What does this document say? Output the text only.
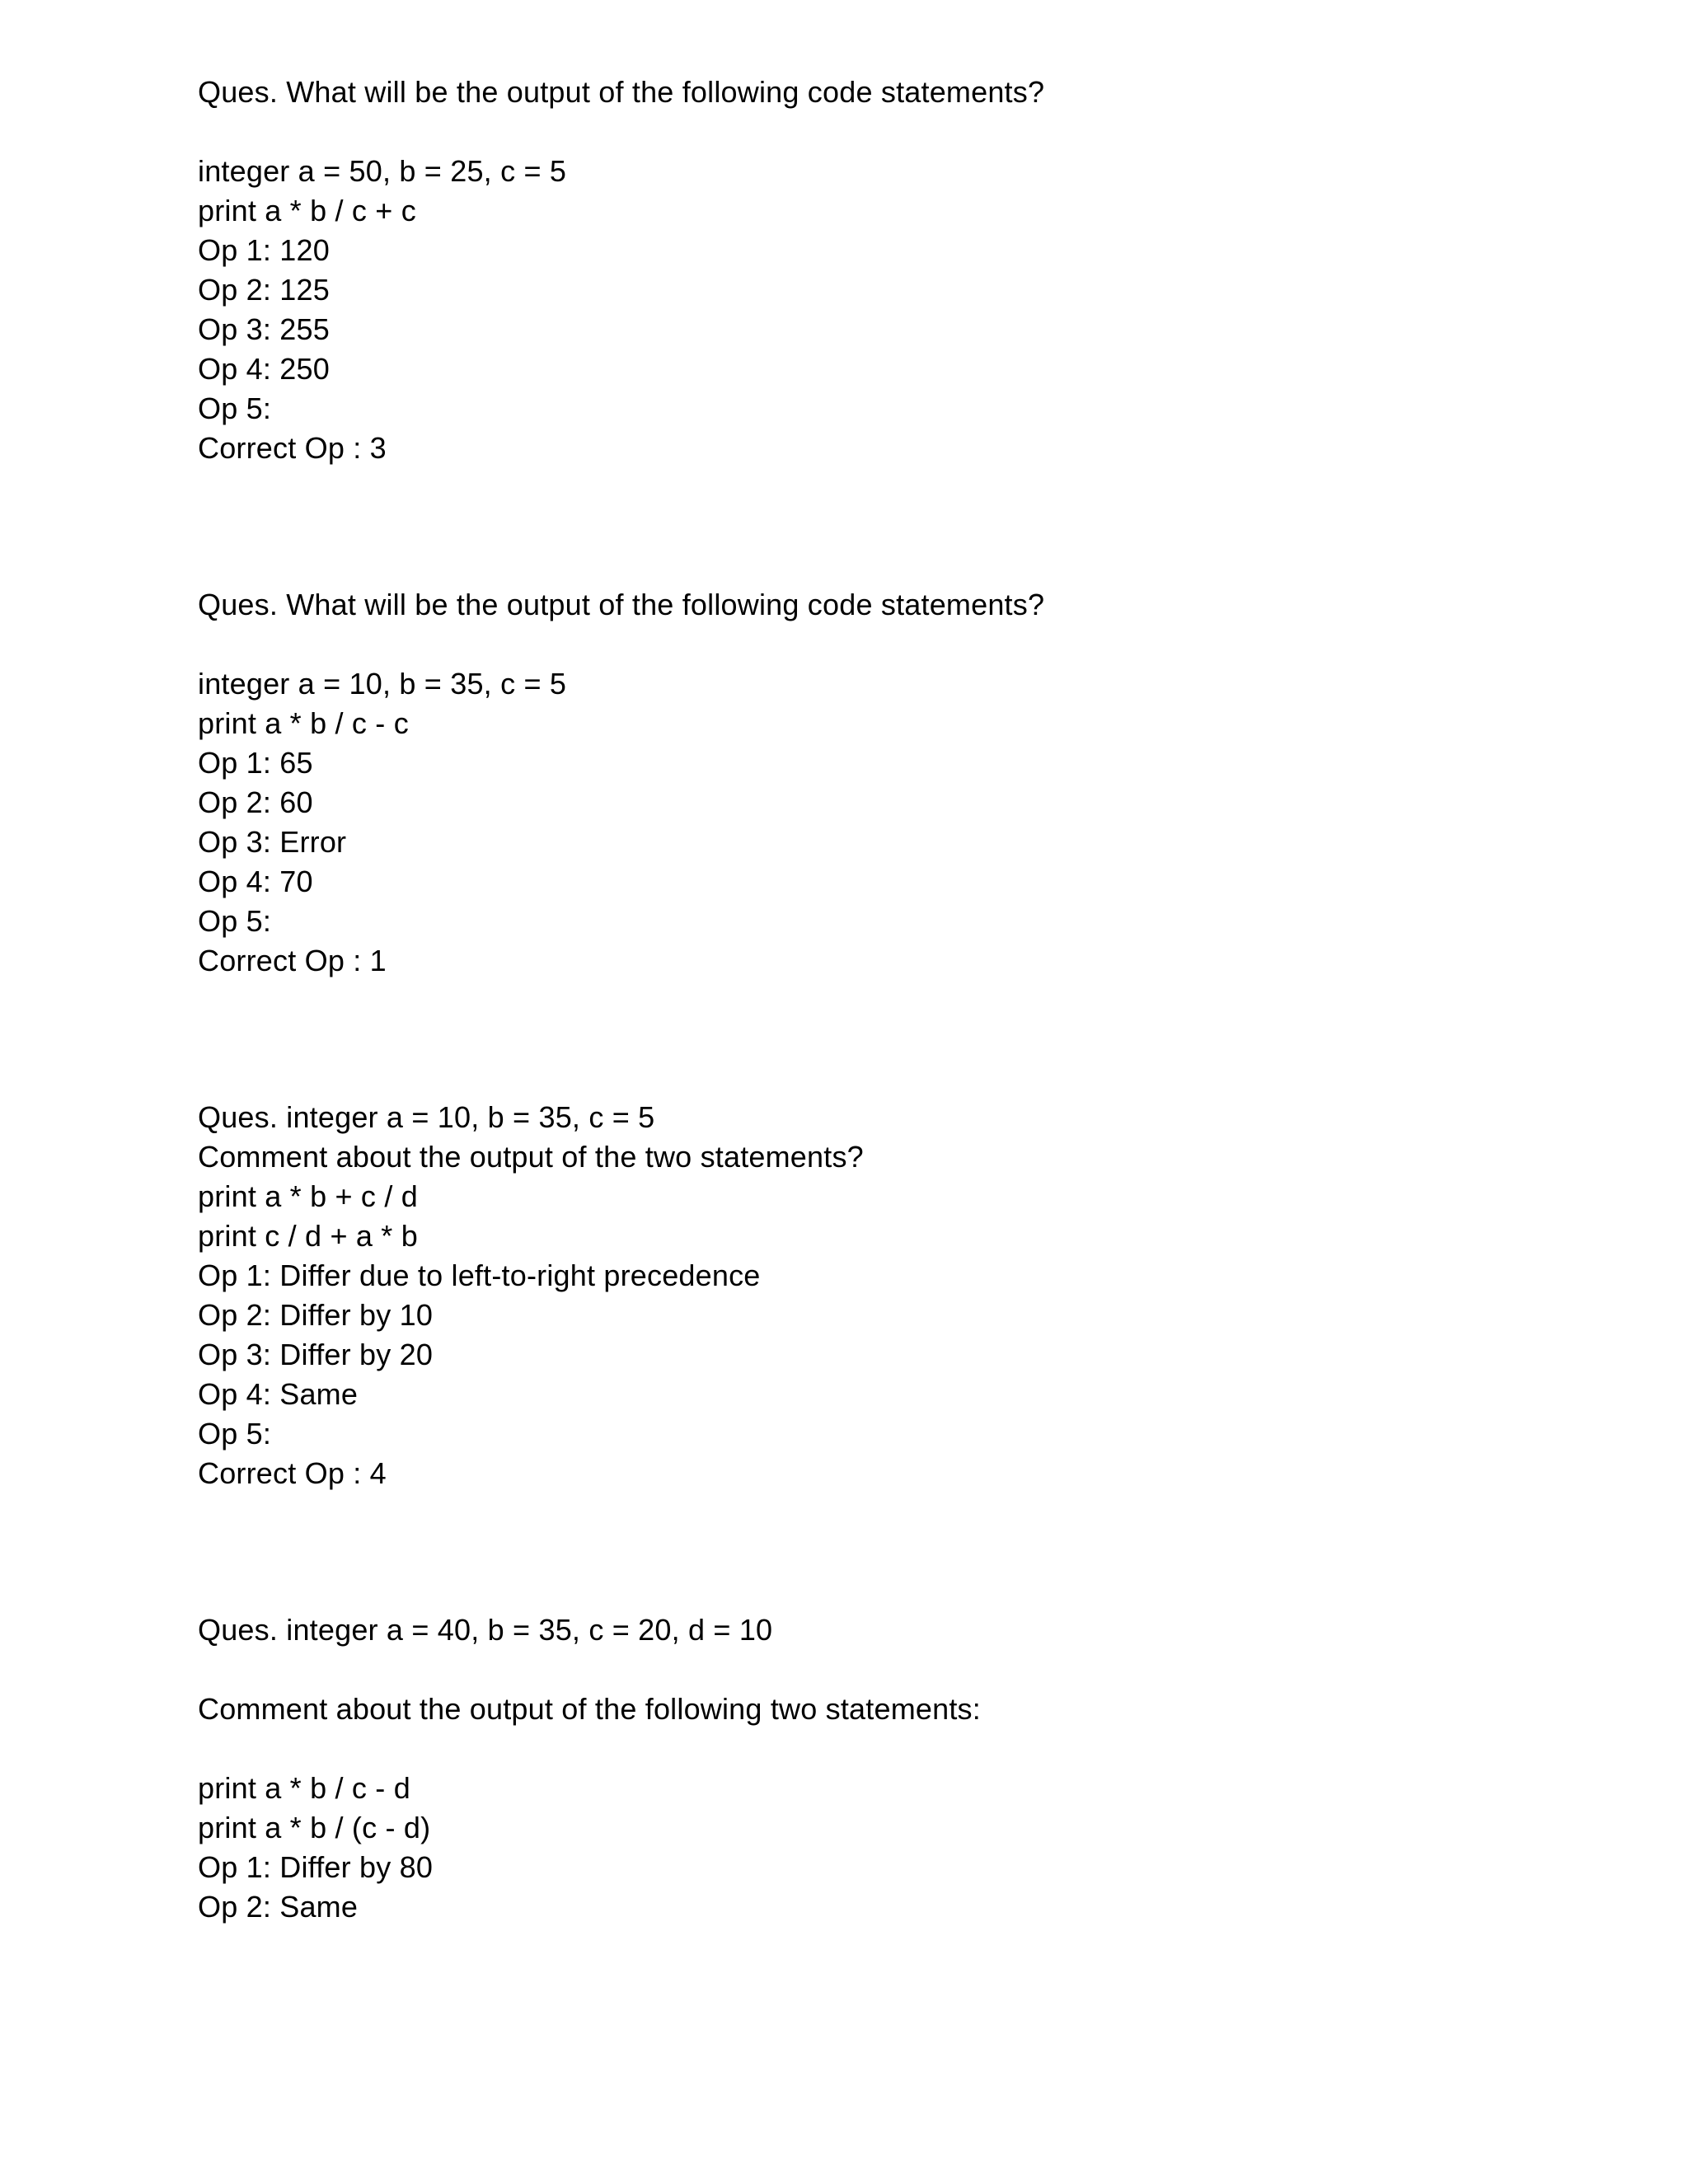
Ques. What will be the output of the following code statements?
integer a = 50, b = 25, c = 5
print a * b / c + c
Op 1: 120
Op 2: 125
Op 3: 255
Op 4: 250
Op 5:
Correct Op : 3
Ques. What will be the output of the following code statements?
integer a = 10, b = 35, c = 5
print a * b / c - c
Op 1: 65
Op 2: 60
Op 3: Error
Op 4: 70
Op 5:
Correct Op : 1
Ques. integer a = 10, b = 35, c = 5
Comment about the output of the two statements?
print a * b + c / d
print c / d + a * b
Op 1: Differ due to left-to-right precedence
Op 2: Differ by 10
Op 3: Differ by 20
Op 4: Same
Op 5:
Correct Op : 4
Ques. integer a = 40, b = 35, c = 20, d = 10
Comment about the output of the following two statements:
print a * b / c - d
print a * b / (c - d)
Op 1: Differ by 80
Op 2: Same
